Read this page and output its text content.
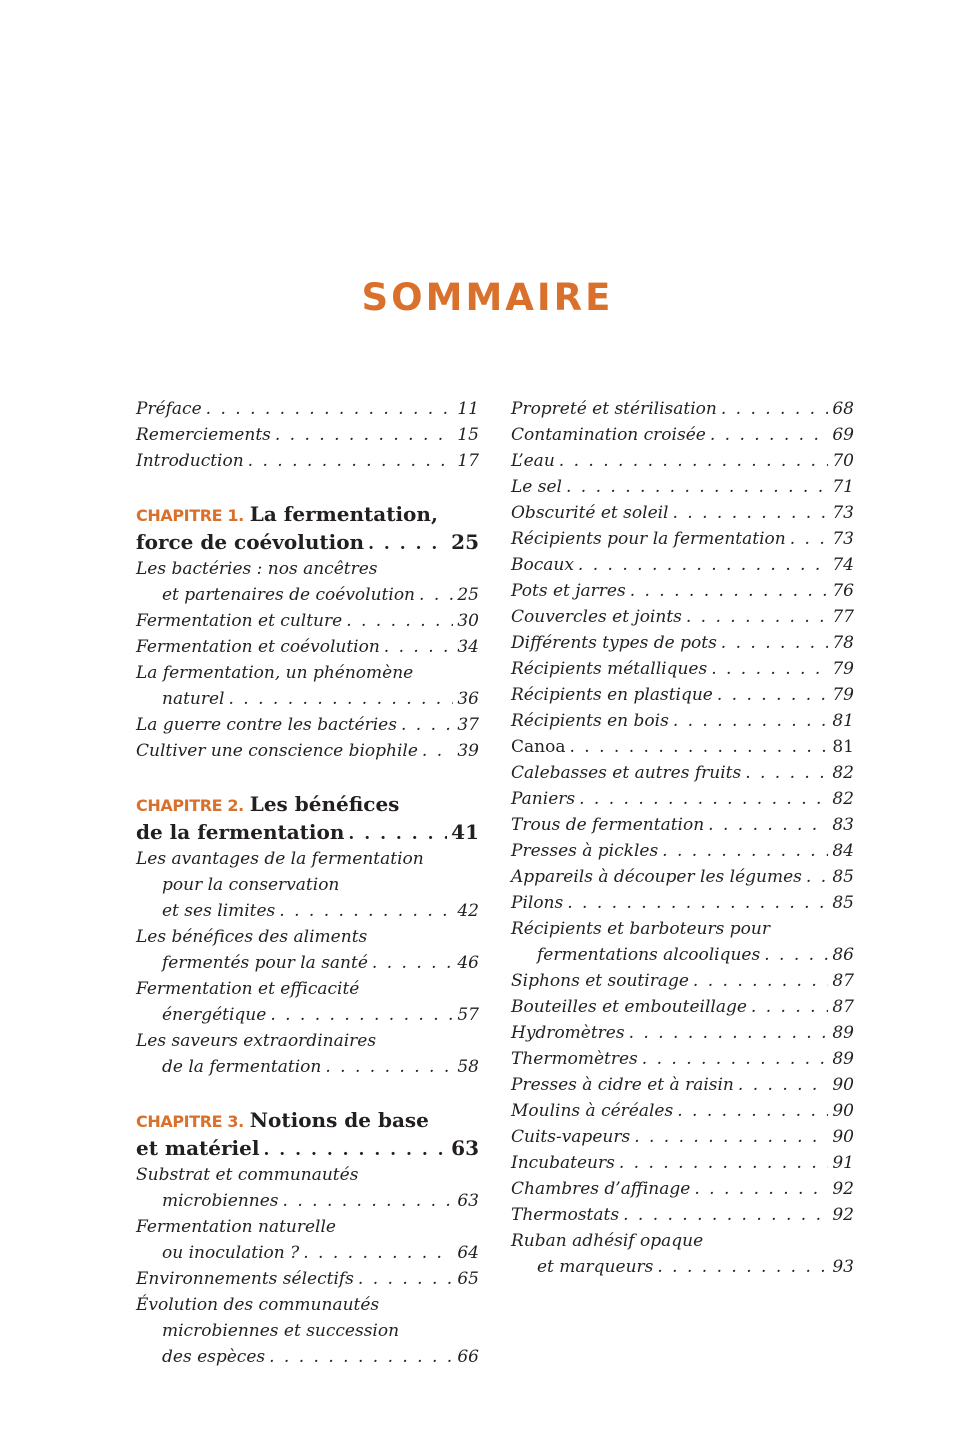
SOMMAIRE
Préface . . .	11
Remerciements . . .	15
Introduction . . .	17
CHAPITRE 1. La fermentation,
force de coévolution . . .	25
Les bactéries : nos ancêtres
et partenaires de coévolution . . . 25
Fermentation et culture . . .	30
Fermentation et coévolution . . .	34
La fermentation, un phénomène
naturel . . .	36
La guerre contre les bactéries . . .	37
Cultiver une conscience biophile . . . 39
CHAPITRE 2. Les bénéfices
de la fermentation . . .	41
Les avantages de la fermentation
pour la conservation
et ses limites . . .	42
Les bénéfices des aliments
fermentés pour la santé . . .	46
Fermentation et efficacité
énergétique . . .	57
Les saveurs extraordinaires
de la fermentation . . .	58
CHAPITRE 3. Notions de base
et matériel . . .	63
Substrat et communautés
microbiennes . . .	63
Fermentation naturelle
ou inoculation ? . . .	64
Environnements sélectifs . . .	65
Évolution des communautés
microbiennes et succession
des espèces . . .	66
Propreté et stérilisation . . .	68
Contamination croisée . . .	69
L’eau . . .	70
Le sel . . .	71
Obscurité et soleil . . .	73
Récipients pour la fermentation . . .	73
Bocaux . . .	74
Pots et jarres . . .	76
Couvercles et joints . . .	77
Différents types de pots . . .	78
Récipients métalliques . . .	79
Récipients en plastique . . .	79
Récipients en bois . . .	81
Canoa . . .	81
Calebasses et autres fruits . . .	82
Paniers . . .	82
Trous de fermentation . . .	83
Presses à pickles . . .	84
Appareils à découper les légumes . . . 85
Pilons . . .	85
Récipients et barboteurs pour
fermentations alcooliques . . .	86
Siphons et soutirage . . .	87
Bouteilles et embouteillage . . .	87
Hydromètres . . .	89
Thermomètres . . .	89
Presses à cidre et à raisin . . .	90
Moulins à céréales . . .	90
Cuits-vapeurs . . .	90
Incubateurs . . .	91
Chambres d’affinage . . .	92
Thermostats . . .	92
Ruban adhésif opaque
et marqueurs . . .	93
